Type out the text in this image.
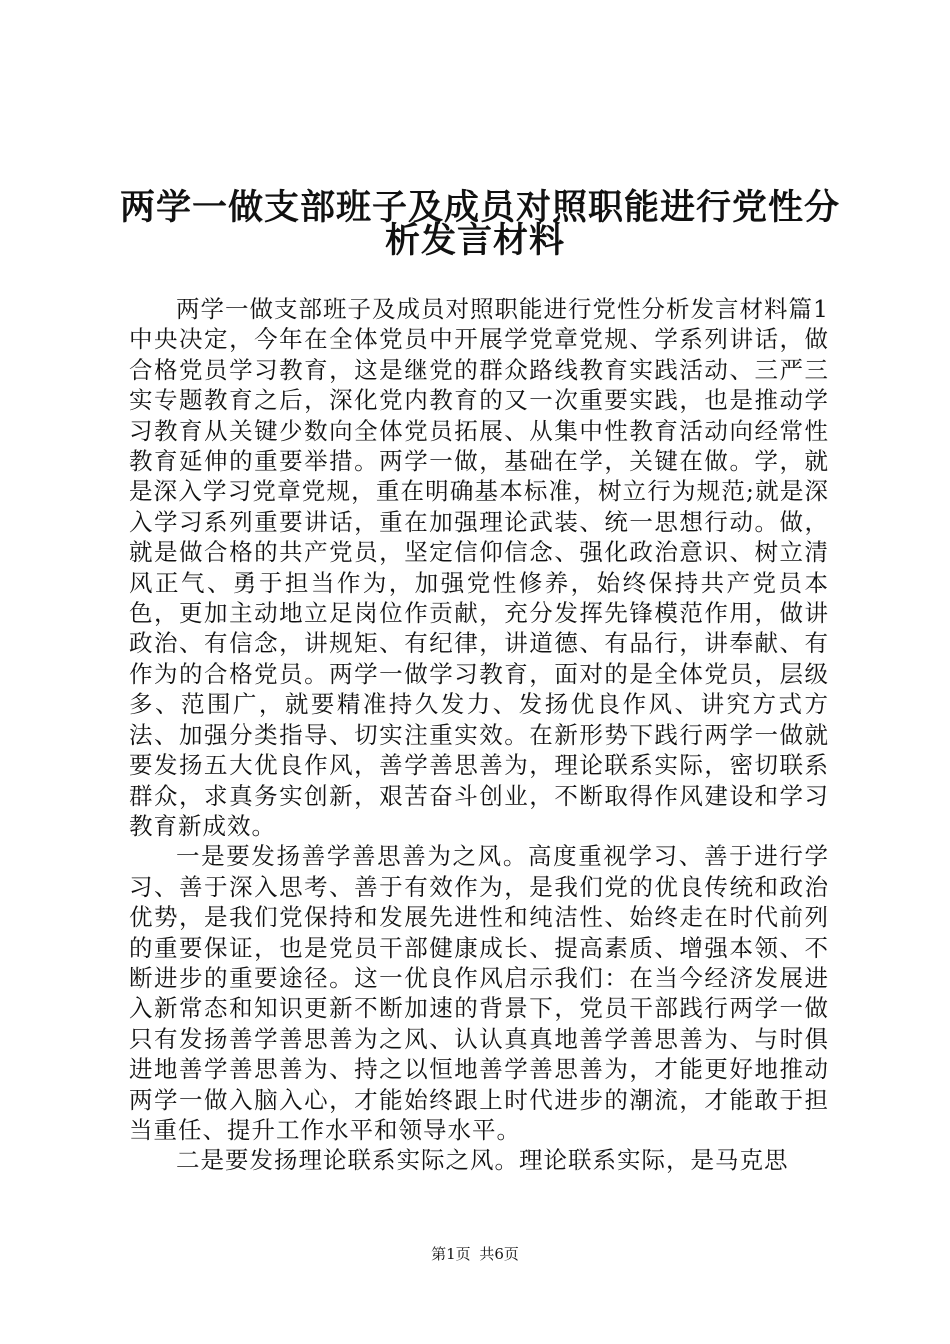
两学一做支部班子及成员对照职能进行党性分
析发言材料

两学一做支部班子及成员对照职能进行党性分析发言材料篇1中央决定，今年在全体党员中开展学党章党规、学系列讲话，做合格党员学习教育，这是继党的群众路线教育实践活动、三严三实专题教育之后，深化党内教育的又一次重要实践，也是推动学习教育从关键少数向全体党员拓展、从集中性教育活动向经常性教育延伸的重要举措。两学一做，基础在学，关键在做。学，就是深入学习党章党规，重在明确基本标准，树立行为规范;就是深入学习系列重要讲话，重在加强理论武装、统一思想行动。做，就是做合格的共产党员，坚定信仰信念、强化政治意识、树立清风正气、勇于担当作为，加强党性修养，始终保持共产党员本色，更加主动地立足岗位作贡献，充分发挥先锋模范作用，做讲政治、有信念，讲规矩、有纪律，讲道德、有品行，讲奉献、有作为的合格党员。两学一做学习教育，面对的是全体党员，层级多、范围广，就要精准持久发力、发扬优良作风、讲究方式方法、加强分类指导、切实注重实效。在新形势下践行两学一做就要发扬五大优良作风，善学善思善为，理论联系实际，密切联系群众，求真务实创新，艰苦奋斗创业，不断取得作风建设和学习教育新成效。

一是要发扬善学善思善为之风。高度重视学习、善于进行学习、善于深入思考、善于有效作为，是我们党的优良传统和政治优势，是我们党保持和发展先进性和纯洁性、始终走在时代前列的重要保证，也是党员干部健康成长、提高素质、增强本领、不断进步的重要途径。这一优良作风启示我们：在当今经济发展进入新常态和知识更新不断加速的背景下，党员干部践行两学一做只有发扬善学善思善为之风、认认真真地善学善思善为、与时俱进地善学善思善为、持之以恒地善学善思善为，才能更好地推动两学一做入脑入心，才能始终跟上时代进步的潮流，才能敢于担当重任、提升工作水平和领导水平。

二是要发扬理论联系实际之风。理论联系实际，是马克思

第1页 共6页
